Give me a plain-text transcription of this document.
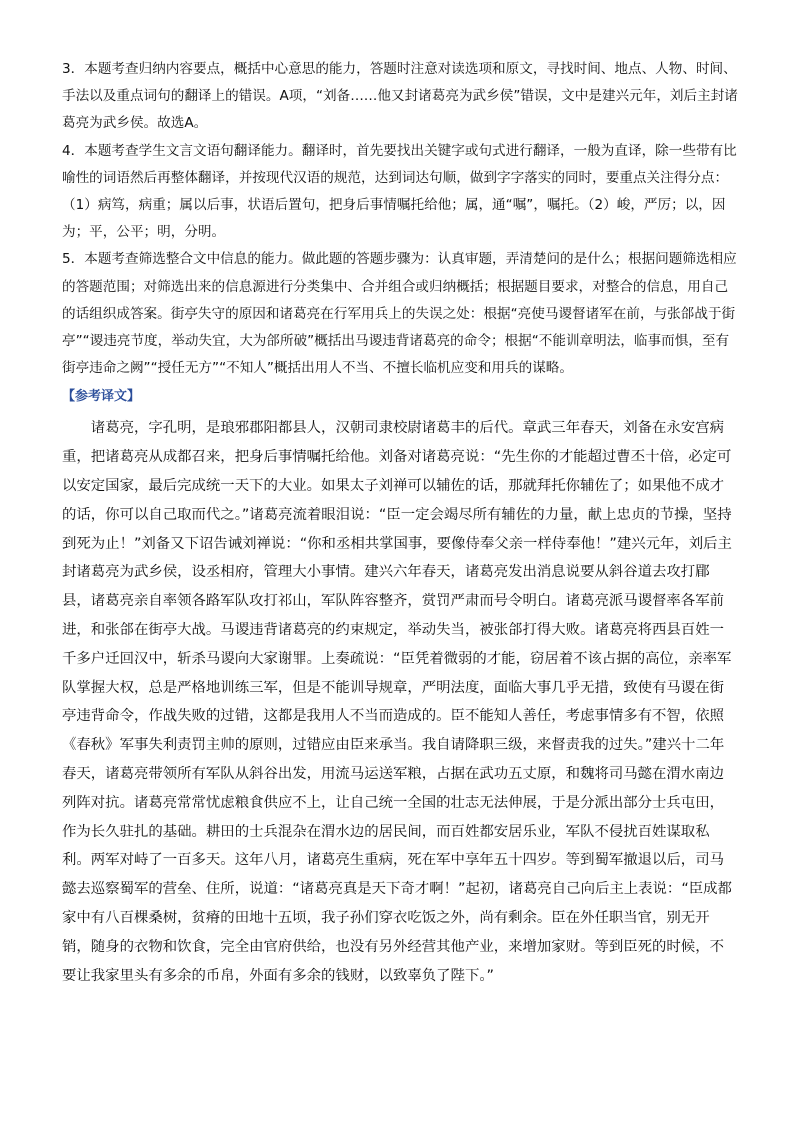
3．本题考查归纳内容要点，概括中心意思的能力，答题时注意对读选项和原文，寻找时间、地点、人物、时间、手法以及重点词句的翻译上的错误。A项，“刘备……他又封诸葛亮为武乡侯”错误，文中是建兴元年，刘后主封诸葛亮为武乡侯。故选A。

4．本题考查学生文言文语句翻译能力。翻译时，首先要找出关键字或句式进行翻译，一般为直译，除一些带有比喻性的词语然后再整体翻译，并按现代汉语的规范，达到词达句顺，做到字字落实的同时，要重点关注得分点：（1）病笃，病重；属以后事，状语后置句，把身后事情嘱托给他；属，通“嘱”，嘱托。（2）峻，严厉；以，因为；平，公平；明，分明。

5．本题考查筛选整合文中信息的能力。做此题的答题步骤为：认真审题，弄清楚问的是什么；根据问题筛选相应的答题范围；对筛选出来的信息源进行分类集中、合并组合或归纳概括；根据题目要求，对整合的信息，用自己的话组织成答案。街亭失守的原因和诸葛亮在行军用兵上的失误之处：根据“亮使马谡督诸军在前，与张郃战于街亭”“谡违亮节度，举动失宜，大为郃所破”概括出马谡违背诸葛亮的命令；根据“不能训章明法，临事而惧，至有街亭违命之阙”“授任无方”“不知人”概括出用人不当、不擅长临机应变和用兵的谋略。

【参考译文】

诸葛亮，字孔明，是琅邪郡阳都县人，汉朝司隶校尉诸葛丰的后代。章武三年春天，刘备在永安宫病重，把诸葛亮从成都召来，把身后事情嘱托给他。刘备对诸葛亮说：“先生你的才能超过曹丕十倍，必定可以安定国家，最后完成统一天下的大业。如果太子刘禅可以辅佐的话，那就拜托你辅佐了；如果他不成才的话，你可以自己取而代之。”诸葛亮流着眼泪说：“臣一定会竭尽所有辅佐的力量，献上忠贞的节操，坚持到死为止！”刘备又下诏告诫刘禅说：“你和丞相共掌国事，要像侍奉父亲一样侍奉他！”建兴元年，刘后主封诸葛亮为武乡侯，设丞相府，管理大小事情。建兴六年春天，诸葛亮发出消息说要从斜谷道去攻打郿县，诸葛亮亲自率领各路军队攻打祁山，军队阵容整齐，赏罚严肃而号令明白。诸葛亮派马谡督率各军前进，和张郃在街亭大战。马谡违背诸葛亮的约束规定，举动失当，被张郃打得大败。诸葛亮将西县百姓一千多户迁回汉中，斩杀马谡向大家谢罪。上奏疏说：“臣凭着微弱的才能，窃居着不该占据的高位，亲率军队掌握大权，总是严格地训练三军，但是不能训导规章，严明法度，面临大事几乎无措，致使有马谡在街亭违背命令，作战失败的过错，这都是我用人不当而造成的。臣不能知人善任，考虑事情多有不智，依照《春秋》军事失利责罚主帅的原则，过错应由臣来承当。我自请降职三级，来督责我的过失。”建兴十二年春天，诸葛亮带领所有军队从斜谷出发，用流马运送军粮，占据在武功五丈原，和魏将司马懿在渭水南边列阵对抗。诸葛亮常常忧虑粮食供应不上，让自己统一全国的壮志无法伸展，于是分派出部分士兵屯田，作为长久驻扎的基础。耕田的士兵混杂在渭水边的居民间，而百姓都安居乐业，军队不侵扰百姓谋取私利。两军对峙了一百多天。这年八月，诸葛亮生重病，死在军中享年五十四岁。等到蜀军撤退以后，司马懿去巡察蜀军的营垒、住所，说道：“诸葛亮真是天下奇才啊！”起初，诸葛亮自己向后主上表说：“臣成都家中有八百棵桑树，贫瘠的田地十五顷，我子孙们穿衣吃饭之外，尚有剩余。臣在外任职当官，别无开销，随身的衣物和饮食，完全由官府供给，也没有另外经营其他产业，来增加家财。等到臣死的时候，不要让我家里头有多余的币帛，外面有多余的钱财，以致辜负了陛下。”
